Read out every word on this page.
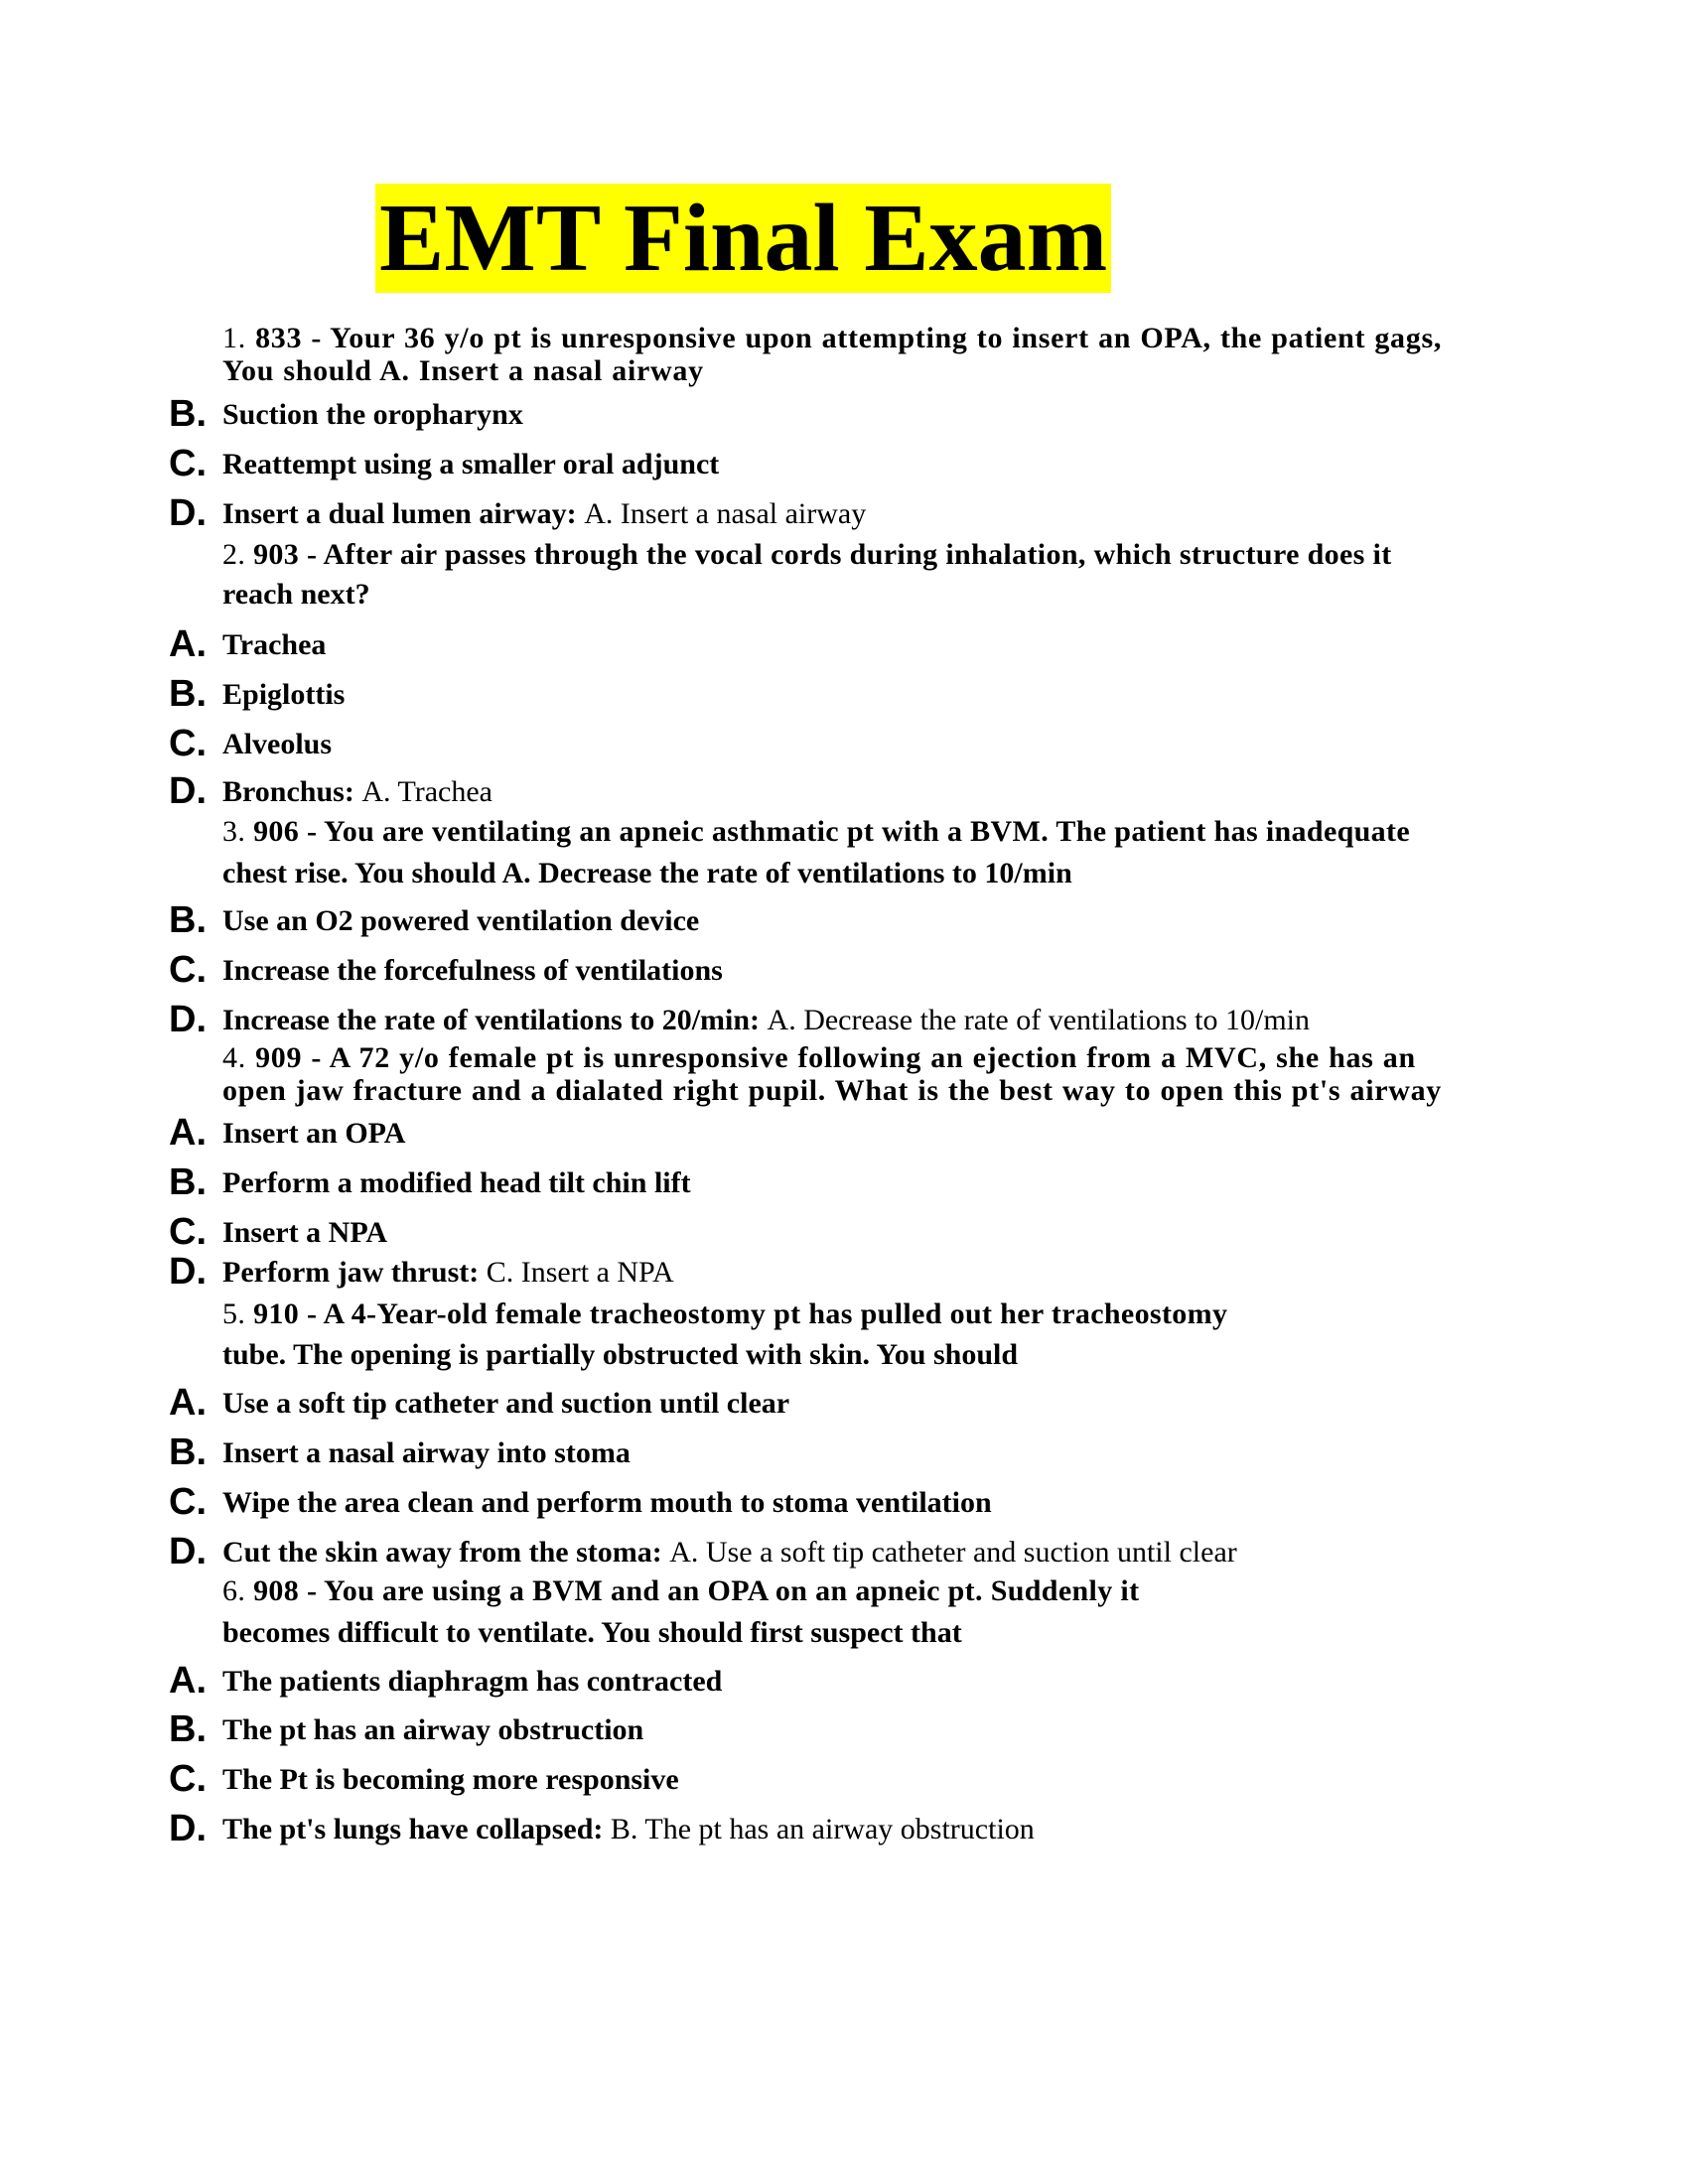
EMT Final Exam
1. 833 - Your 36 y/o pt is unresponsive upon attempting to insert an OPA, the patient gags,
You should A. Insert a nasal airway
B. Suction the oropharynx
C. Reattempt using a smaller oral adjunct
D. Insert a dual lumen airway: A. Insert a nasal airway
2. 903 - After air passes through the vocal cords during inhalation, which structure does it
reach next?
A. Trachea
B. Epiglottis
C. Alveolus
D. Bronchus: A. Trachea
3. 906 - You are ventilating an apneic asthmatic pt with a BVM. The patient has inadequate
chest rise. You should A. Decrease the rate of ventilations to 10/min
B. Use an O2 powered ventilation device
C. Increase the forcefulness of ventilations
D. Increase the rate of ventilations to 20/min: A. Decrease the rate of ventilations to 10/min
4. 909 - A 72 y/o female pt is unresponsive following an ejection from a MVC, she has an
open jaw fracture and a dialated right pupil. What is the best way to open this pt's airway
A. Insert an OPA
B. Perform a modified head tilt chin lift
C. Insert a NPA
D. Perform jaw thrust: C. Insert a NPA
5. 910 - A 4-Year-old female tracheostomy pt has pulled out her tracheostomy
tube. The opening is partially obstructed with skin. You should
A. Use a soft tip catheter and suction until clear
B. Insert a nasal airway into stoma
C. Wipe the area clean and perform mouth to stoma ventilation
D. Cut the skin away from the stoma: A. Use a soft tip catheter and suction until clear
6. 908 - You are using a BVM and an OPA on an apneic pt. Suddenly it
becomes difficult to ventilate. You should first suspect that
A. The patients diaphragm has contracted
B. The pt has an airway obstruction
C. The Pt is becoming more responsive
D. The pt's lungs have collapsed: B. The pt has an airway obstruction
